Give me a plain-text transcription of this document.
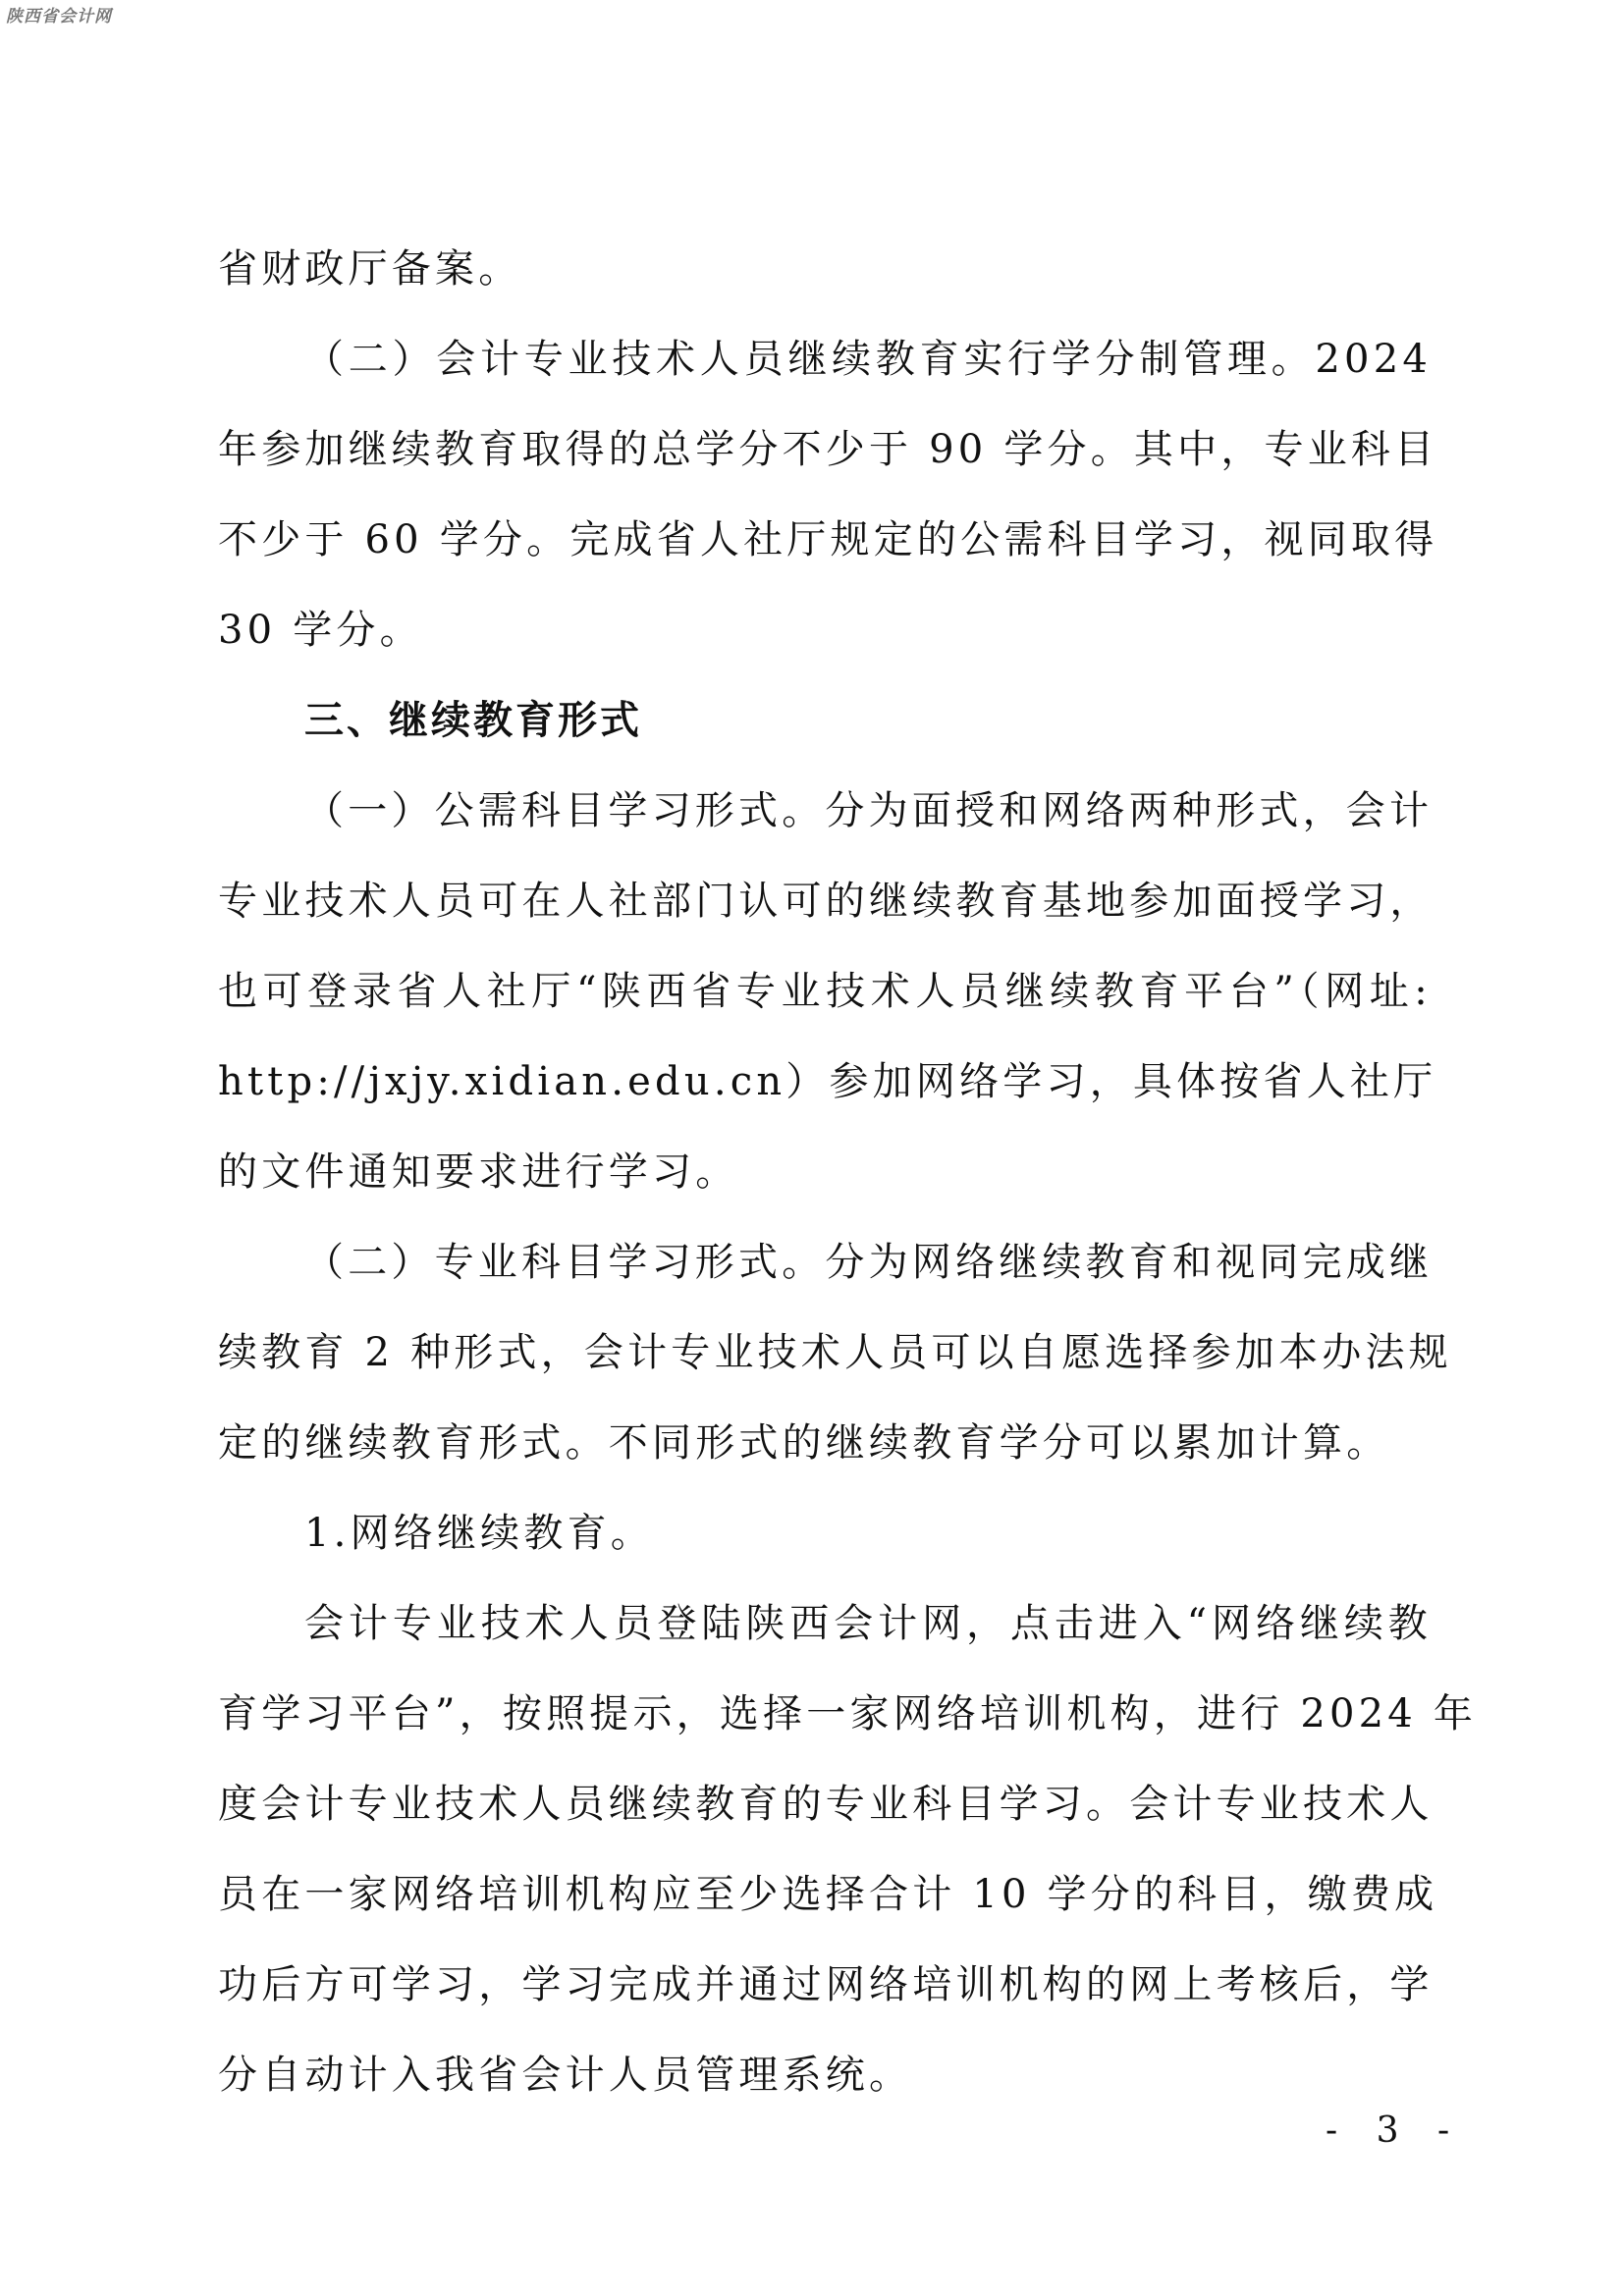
陕西省会计网
省财政厅备案。
（二）会计专业技术人员继续教育实行学分制管理。2024
年参加继续教育取得的总学分不少于 90 学分。其中，专业科目
不少于 60 学分。完成省人社厅规定的公需科目学习，视同取得
30 学分。
三、继续教育形式
（一）公需科目学习形式。分为面授和网络两种形式，会计
专业技术人员可在人社部门认可的继续教育基地参加面授学习，
也可登录省人社厅“陕西省专业技术人员继续教育平台”（网址:
http://jxjy.xidian.edu.cn）参加网络学习，具体按省人社厅
的文件通知要求进行学习。
（二）专业科目学习形式。分为网络继续教育和视同完成继
续教育 2 种形式，会计专业技术人员可以自愿选择参加本办法规
定的继续教育形式。不同形式的继续教育学分可以累加计算。
1.网络继续教育。
会计专业技术人员登陆陕西会计网，点击进入“网络继续教
育学习平台”，按照提示，选择一家网络培训机构，进行 2024 年
度会计专业技术人员继续教育的专业科目学习。会计专业技术人
员在一家网络培训机构应至少选择合计 10 学分的科目，缴费成
功后方可学习，学习完成并通过网络培训机构的网上考核后，学
分自动计入我省会计人员管理系统。
- 3 -
